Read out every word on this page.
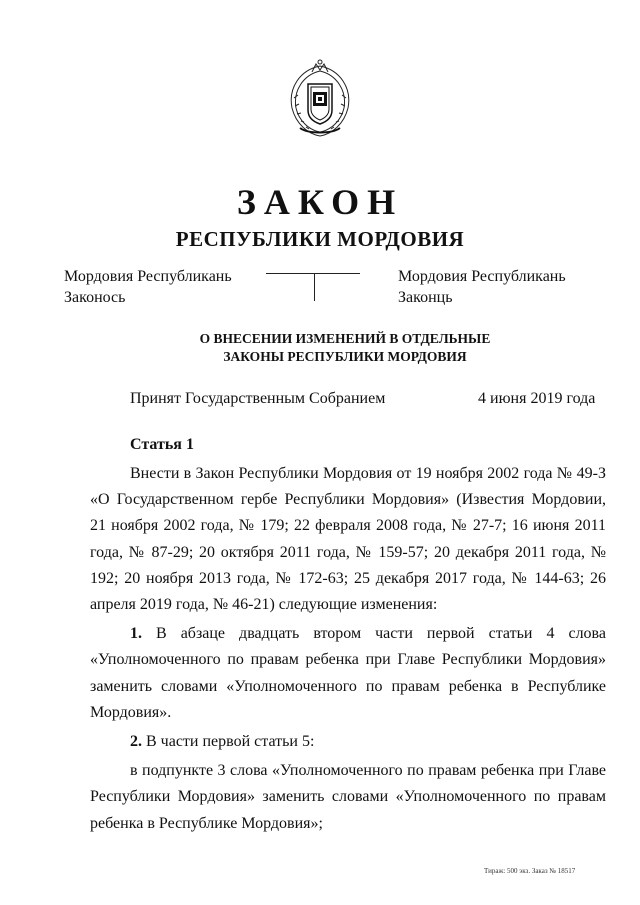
ЗАКОН
РЕСПУБЛИКИ МОРДОВИЯ
Мордовия Республикань
Законось
Мордовия Республикань
Законць
О ВНЕСЕНИИ ИЗМЕНЕНИЙ В ОТДЕЛЬНЫЕ
ЗАКОНЫ РЕСПУБЛИКИ МОРДОВИЯ
Принят Государственным Собранием	4 июня 2019 года
Статья 1

Внести в Закон Республики Мордовия от 19 ноября 2002 года № 49-З «О Государственном гербе Республики Мордовия» (Известия Мордовии, 21 ноября 2002 года, № 179; 22 февраля 2008 года, № 27-7; 16 июня 2011 года, № 87-29; 20 октября 2011 года, № 159-57; 20 декабря 2011 года, № 192; 20 ноября 2013 года, № 172-63; 25 декабря 2017 года, № 144-63; 26 апреля 2019 года, № 46-21) следующие изменения:

1. В абзаце двадцать втором части первой статьи 4 слова «Уполномоченного по правам ребенка при Главе Республики Мордовия» заменить словами «Уполномоченного по правам ребенка в Республике Мордовия».

2. В части первой статьи 5:

в подпункте 3 слова «Уполномоченного по правам ребенка при Главе Республики Мордовия» заменить словами «Уполномоченного по правам ребенка в Республике Мордовия»;

Тираж: 500 экз. Заказ № 18517
